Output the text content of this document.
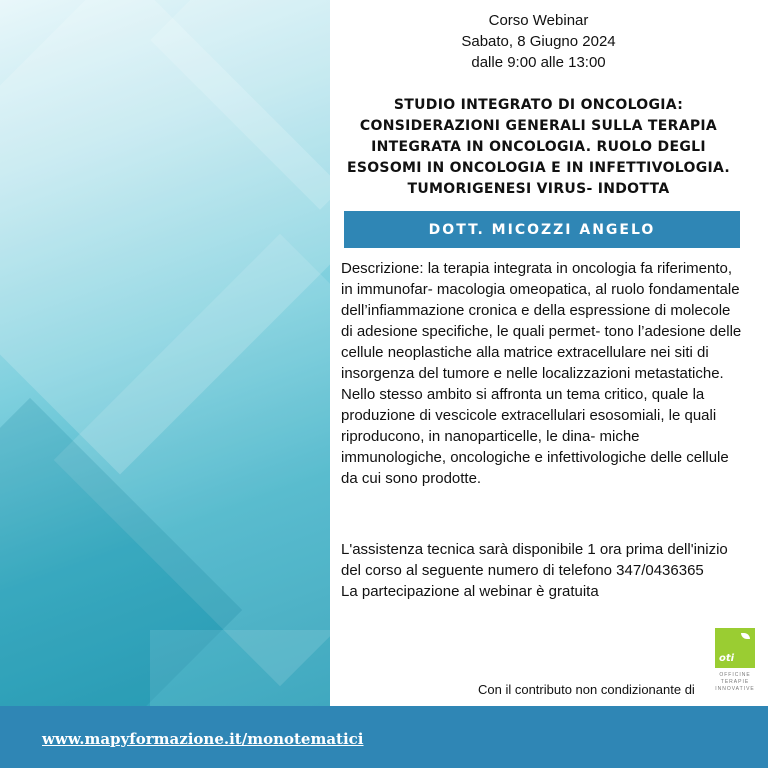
Corso Webinar
Sabato, 8 Giugno 2024
dalle 9:00 alle 13:00
STUDIO INTEGRATO DI ONCOLOGIA:
CONSIDERAZIONI GENERALI SULLA TERAPIA
INTEGRATA IN ONCOLOGIA. RUOLO DEGLI
ESOSOMI IN ONCOLOGIA E IN INFETTIVOLOGIA.
TUMORIGENESI VIRUS- INDOTTA
DOTT. MICOZZI ANGELO
Descrizione: la terapia integrata in oncologia fa riferimento, in immunofar- macologia omeopatica, al ruolo fondamentale dell’infiammazione cronica e della espressione di molecole di adesione specifiche, le quali permet- tono l’adesione delle cellule neoplastiche alla matrice extracellulare nei siti di insorgenza del tumore e nelle localizzazioni metastatiche. Nello stesso ambito si affronta un tema critico, quale la produzione di vescicole extracellulari esosomiali, le quali riproducono, in nanoparticelle, le dina- miche immunologiche, oncologiche e infettivologiche delle cellule da cui sono prodotte.
L'assistenza tecnica sarà disponibile 1 ora prima dell'inizio
del corso al seguente numero di telefono 347/0436365
La partecipazione al webinar è gratuita
Con il contributo non condizionante di
oti
OFFICINE
TERAPIE
INNOVATIVE
www.mapyformazione.it/monotematici
